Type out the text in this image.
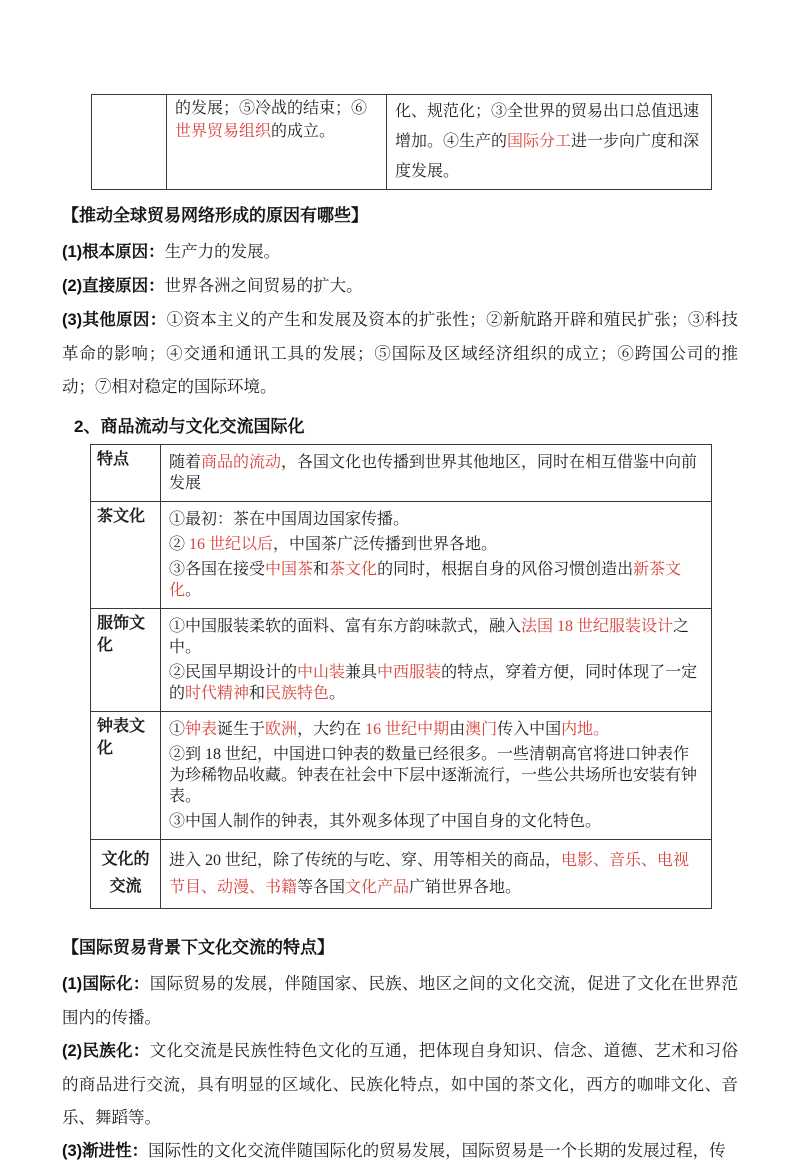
	的发展；⑤冷战的结束；⑥世界贸易组织的成立。	化、规范化；③全世界的贸易出口总值迅速增加。④生产的国际分工进一步向广度和深度发展。
【推动全球贸易网络形成的原因有哪些】

(1)根本原因：生产力的发展。

(2)直接原因：世界各洲之间贸易的扩大。

(3)其他原因：①资本主义的产生和发展及资本的扩张性；②新航路开辟和殖民扩张；③科技革命的影响；④交通和通讯工具的发展；⑤国际及区域经济组织的成立；⑥跨国公司的推动；⑦相对稳定的国际环境。

2、商品流动与文化交流国际化
特点	随着商品的流动，各国文化也传播到世界其他地区，同时在相互借鉴中向前发展

茶文化	①最初：茶在中国周边国家传播。

② 16 世纪以后，中国茶广泛传播到世界各地。

③各国在接受中国茶和茶文化的同时，根据自身的风俗习惯创造出新茶文化。

服饰文化	①中国服装柔软的面料、富有东方韵味款式，融入法国 18 世纪服装设计之中。

②民国早期设计的中山装兼具中西服装的特点，穿着方便，同时体现了一定的时代精神和民族特色。

钟表文化	①钟表诞生于欧洲，大约在 16 世纪中期由澳门传入中国内地。

②到 18 世纪，中国进口钟表的数量已经很多。一些清朝高官将进口钟表作为珍稀物品收藏。钟表在社会中下层中逐渐流行，一些公共场所也安装有钟表。

③中国人制作的钟表，其外观多体现了中国自身的文化特色。

文化的交流	进入 20 世纪，除了传统的与吃、穿、用等相关的商品，电影、音乐、电视节目、动漫、书籍等各国文化产品广销世界各地。

【国际贸易背景下文化交流的特点】

(1)国际化：国际贸易的发展，伴随国家、民族、地区之间的文化交流，促进了文化在世界范围内的传播。

(2)民族化：文化交流是民族性特色文化的互通，把体现自身知识、信念、道德、艺术和习俗的商品进行交流，具有明显的区域化、民族化特点，如中国的茶文化，西方的咖啡文化、音乐、舞蹈等。

(3)渐进性：国际性的文化交流伴随国际化的贸易发展，国际贸易是一个长期的发展过程，传
